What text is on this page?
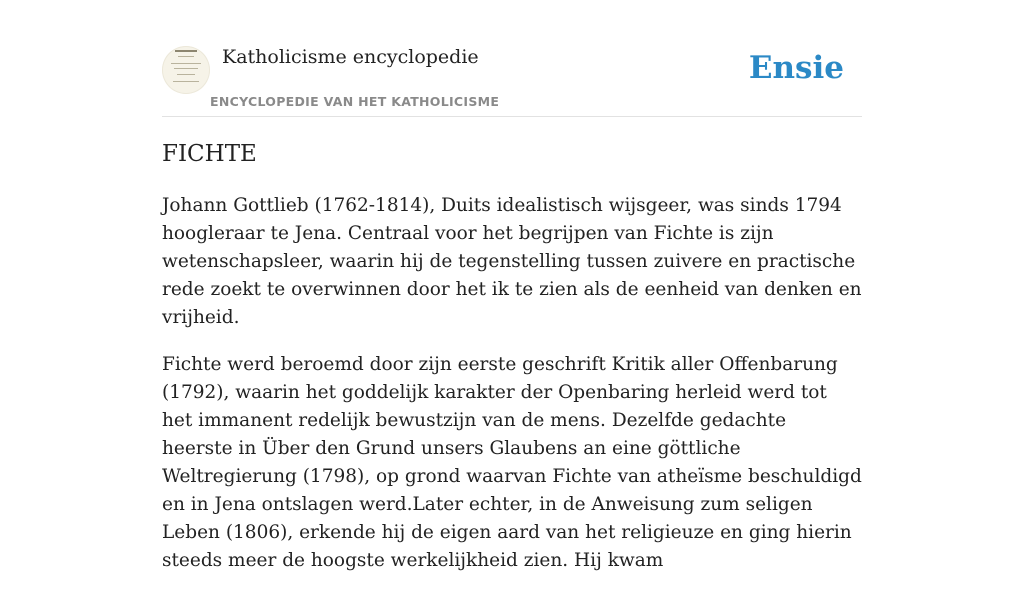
Katholicisme encyclopedie
ENCYCLOPEDIE VAN HET KATHOLICISME
Ensie
FICHTE

Johann Gottlieb (1762-1814), Duits idealistisch wijsgeer, was sinds 1794 hoogleraar te Jena. Centraal voor het begrijpen van Fichte is zijn wetenschapsleer, waarin hij de tegenstelling tussen zuivere en practische rede zoekt te overwinnen door het ik te zien als de eenheid van denken en vrijheid.

Fichte werd beroemd door zijn eerste geschrift Kritik aller Offenbarung (1792), waarin het goddelijk karakter der Openbaring herleid werd tot het immanent redelijk bewustzijn van de mens. Dezelfde gedachte heerste in Über den Grund unsers Glaubens an eine göttliche Weltregierung (1798), op grond waarvan Fichte van atheïsme beschuldigd en in Jena ontslagen werd.Later echter, in de Anweisung zum seligen Leben (1806), erkende hij de eigen aard van het religieuze en ging hierin steeds meer de hoogste werkelijkheid zien. Hij kwam
